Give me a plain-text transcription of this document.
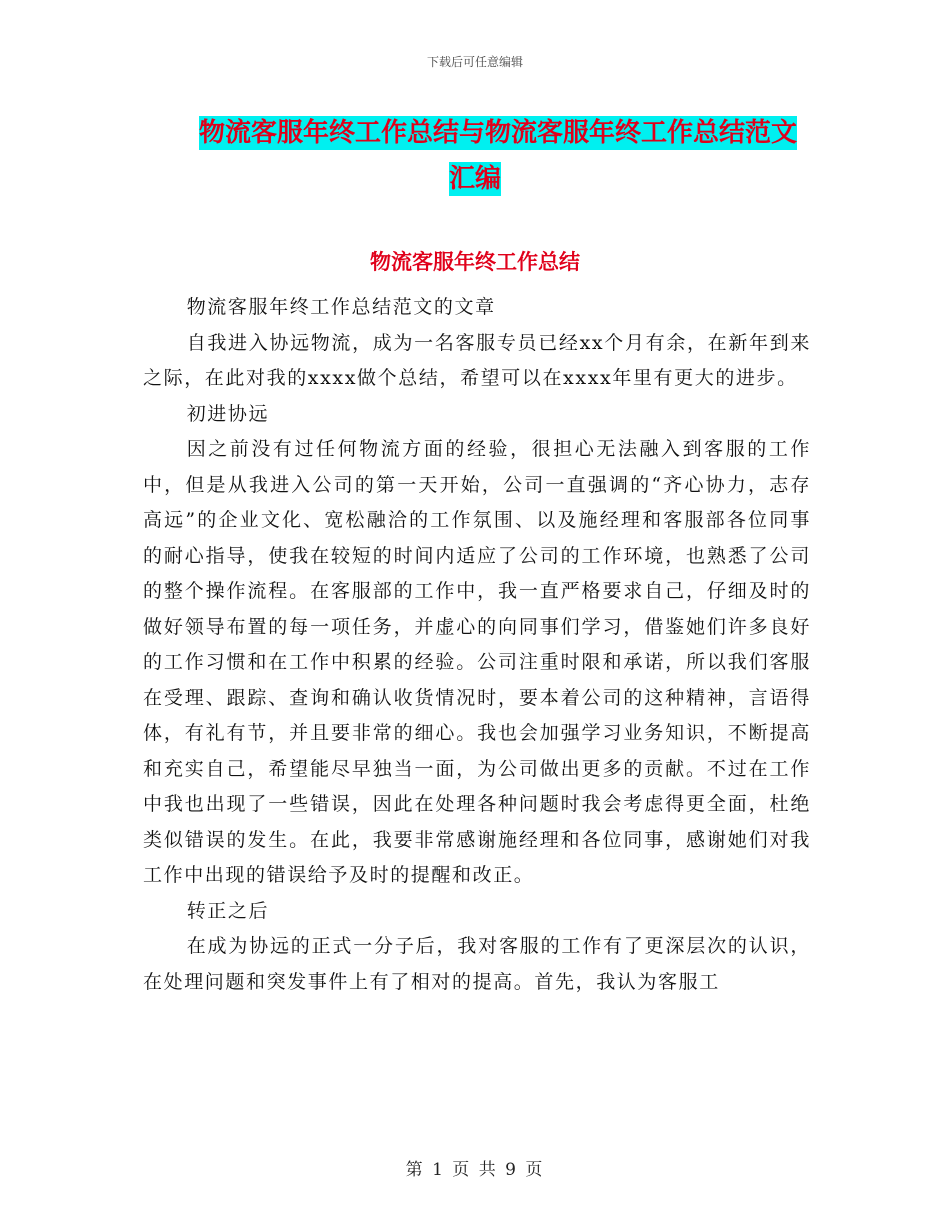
下载后可任意编辑
物流客服年终工作总结与物流客服年终工作总结范文
汇编
物流客服年终工作总结

物流客服年终工作总结范文的文章

自我进入协远物流，成为一名客服专员已经xx个月有余，在新年到来之际，在此对我的xxxx做个总结，希望可以在xxxx年里有更大的进步。

初进协远

因之前没有过任何物流方面的经验，很担心无法融入到客服的工作中，但是从我进入公司的第一天开始，公司一直强调的“齐心协力，志存高远”的企业文化、宽松融洽的工作氛围、以及施经理和客服部各位同事的耐心指导，使我在较短的时间内适应了公司的工作环境，也熟悉了公司的整个操作流程。在客服部的工作中，我一直严格要求自己，仔细及时的做好领导布置的每一项任务，并虚心的向同事们学习，借鉴她们许多良好的工作习惯和在工作中积累的经验。公司注重时限和承诺，所以我们客服在受理、跟踪、查询和确认收货情况时，要本着公司的这种精神，言语得体，有礼有节，并且要非常的细心。我也会加强学习业务知识，不断提高和充实自己，希望能尽早独当一面，为公司做出更多的贡献。不过在工作中我也出现了一些错误，因此在处理各种问题时我会考虑得更全面，杜绝类似错误的发生。在此，我要非常感谢施经理和各位同事，感谢她们对我工作中出现的错误给予及时的提醒和改正。

转正之后

在成为协远的正式一分子后，我对客服的工作有了更深层次的认识，在处理问题和突发事件上有了相对的提高。首先，我认为客服工

第 1 页 共 9 页
